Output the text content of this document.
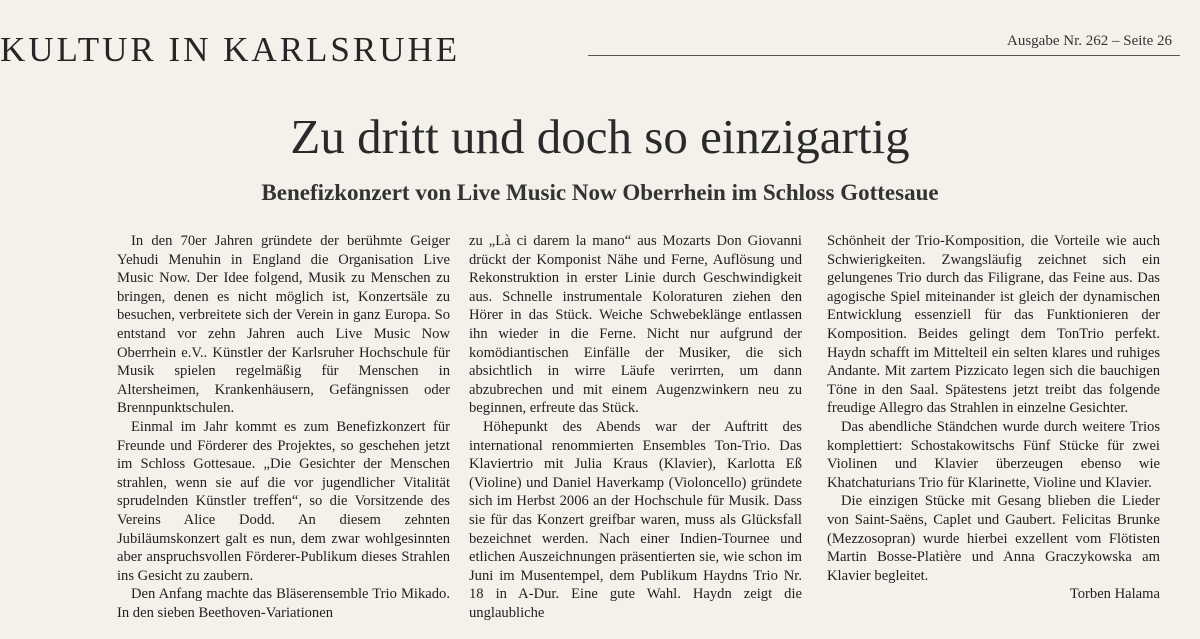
KULTUR IN KARLSRUHE	Ausgabe Nr. 262 – Seite 26
Zu dritt und doch so einzigartig
Benefizkonzert von Live Music Now Oberrhein im Schloss Gottesaue

In den 70er Jahren gründete der berühmte Geiger Yehudi Menuhin in England die Organisation Live Music Now. Der Idee folgend, Musik zu Menschen zu bringen, denen es nicht möglich ist, Konzertsäle zu besuchen, verbreitete sich der Verein in ganz Europa. So entstand vor zehn Jahren auch Live Music Now Oberrhein e.V.. Künstler der Karlsruher Hochschule für Musik spielen regelmäßig für Menschen in Altersheimen, Krankenhäusern, Gefängnissen oder Brennpunktschulen.

Einmal im Jahr kommt es zum Benefizkonzert für Freunde und Förderer des Projektes, so geschehen jetzt im Schloss Gottesaue. „Die Gesichter der Menschen strahlen, wenn sie auf die vor jugendlicher Vitalität sprudelnden Künstler treffen“, so die Vorsitzende des Vereins Alice Dodd. An diesem zehnten Jubiläumskonzert galt es nun, dem zwar wohlgesinnten aber anspruchsvollen Förderer-Publikum dieses Strahlen ins Gesicht zu zaubern.

Den Anfang machte das Bläserensemble Trio Mikado. In den sieben Beethoven-Variationen

zu „Là ci darem la mano“ aus Mozarts Don Giovanni drückt der Komponist Nähe und Ferne, Auflösung und Rekonstruktion in erster Linie durch Geschwindigkeit aus. Schnelle instrumentale Koloraturen ziehen den Hörer in das Stück. Weiche Schwebeklänge entlassen ihn wieder in die Ferne. Nicht nur aufgrund der komödiantischen Einfälle der Musiker, die sich absichtlich in wirre Läufe verirrten, um dann abzubrechen und mit einem Augenzwinkern neu zu beginnen, erfreute das Stück.

Höhepunkt des Abends war der Auftritt des international renommierten Ensembles Ton-Trio. Das Klaviertrio mit Julia Kraus (Klavier), Karlotta Eß (Violine) und Daniel Haverkamp (Violoncello) gründete sich im Herbst 2006 an der Hochschule für Musik. Dass sie für das Konzert greifbar waren, muss als Glücksfall bezeichnet werden. Nach einer Indien-Tournee und etlichen Auszeichnungen präsentierten sie, wie schon im Juni im Musentempel, dem Publikum Haydns Trio Nr. 18 in A-Dur. Eine gute Wahl. Haydn zeigt die unglaubliche

Schönheit der Trio-Komposition, die Vorteile wie auch Schwierigkeiten. Zwangsläufig zeichnet sich ein gelungenes Trio durch das Filigrane, das Feine aus. Das agogische Spiel miteinander ist gleich der dynamischen Entwicklung essenziell für das Funktionieren der Komposition. Beides gelingt dem TonTrio perfekt. Haydn schafft im Mittelteil ein selten klares und ruhiges Andante. Mit zartem Pizzicato legen sich die bauchigen Töne in den Saal. Spätestens jetzt treibt das folgende freudige Allegro das Strahlen in einzelne Gesichter.

Das abendliche Ständchen wurde durch weitere Trios komplettiert: Schostakowitschs Fünf Stücke für zwei Violinen und Klavier überzeugen ebenso wie Khatchaturians Trio für Klarinette, Violine und Klavier.

Die einzigen Stücke mit Gesang blieben die Lieder von Saint-Saëns, Caplet und Gaubert. Felicitas Brunke (Mezzosopran) wurde hierbei exzellent vom Flötisten Martin Bosse-Platière und Anna Graczykowska am Klavier begleitet.

Torben Halama
